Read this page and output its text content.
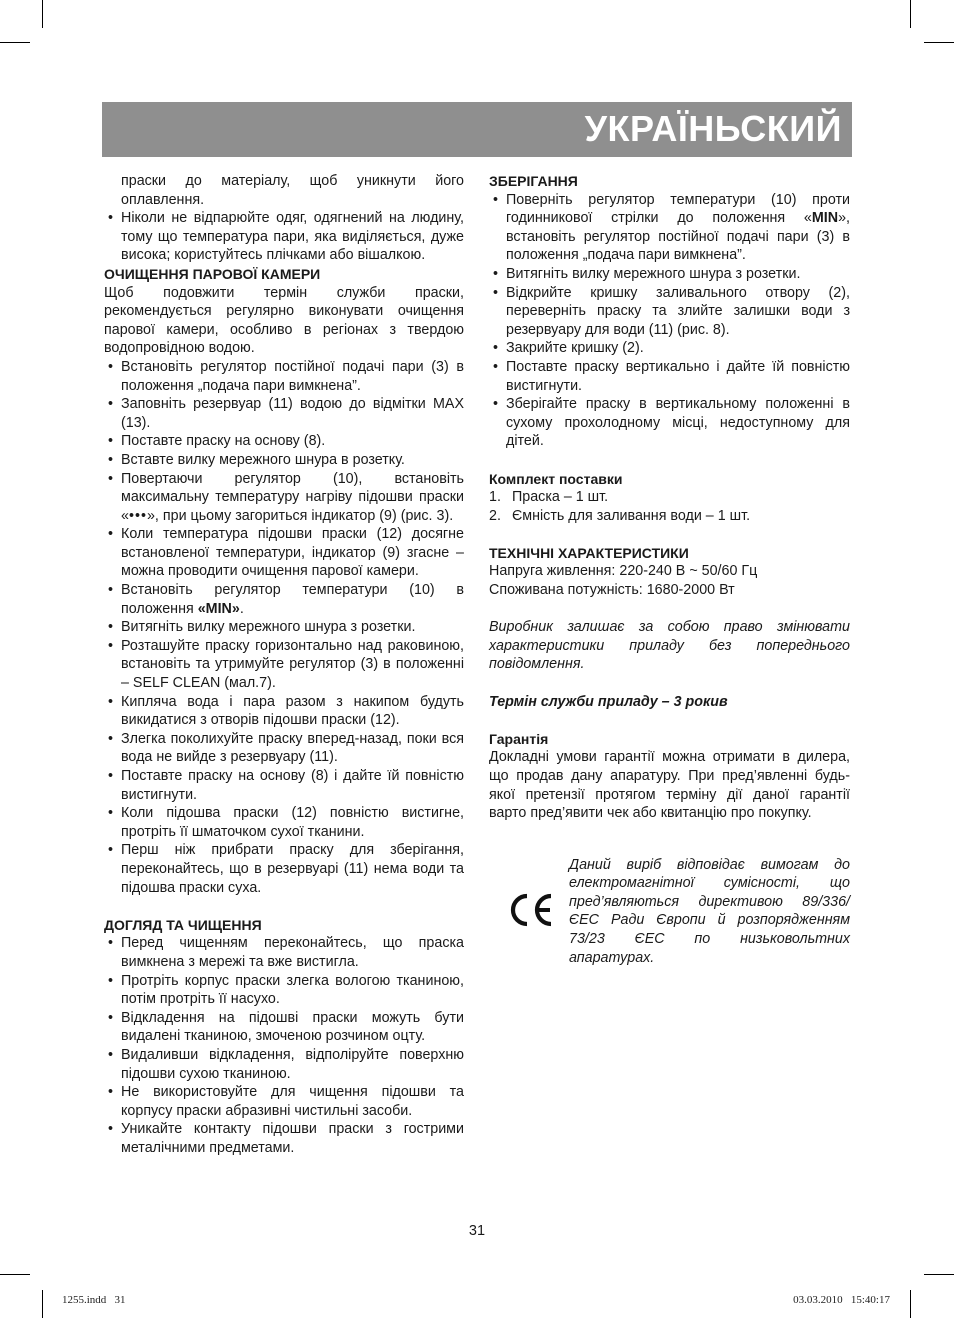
УКРАЇНЬСКИЙ

праски до матеріалу, щоб уникнути його оплавлення.

• Ніколи не відпарюйте одяг, одягнений на людину, тому що температура пари, яка виділяється, дуже висока; користуйтесь плічками або вішалкою.

ОЧИЩЕННЯ ПАРОВОЇ КАМЕРИ

Щоб подовжити термін служби праски, рекомендується регулярно виконувати очищення парової камери, особливо в регіонах з твердою водопровідною водою.

• Встановіть регулятор постійної подачі пари (3) в положення „подача пари вимкнена”.
• Заповніть резервуар (11) водою до відмітки MAX (13).
• Поставте праску на основу (8).
• Вставте вилку мережного шнура в розетку.
• Повертаючи регулятор (10), встановіть максимальну температуру нагріву підошви праски «•••», при цьому загориться індикатор (9) (рис. 3).
• Коли температура підошви праски (12) досягне встановленої температури, індикатор (9) згасне – можна проводити очищення парової камери.
• Встановіть регулятор температури (10) в положення «MIN».
• Витягніть вилку мережного шнура з розетки.
• Розташуйте праску горизонтально над раковиною, встановіть та утримуйте регулятор (3) в положенні – SELF CLEAN (мал.7).
• Кипляча вода і пара разом з накипом будуть викидатися з отворів підошви праски (12).
• Злегка поколихуйте праску вперед-назад, поки вся вода не вийде з резервуару (11).
• Поставте праску на основу (8) і дайте їй повністю вистигнути.
• Коли підошва праски (12) повністю вистигне, протріть її шматочком сухої тканини.
• Перш ніж прибрати праску для зберігання, переконайтесь, що в резервуарі (11) нема води та підошва праски суха.

ДОГЛЯД ТА ЧИЩЕННЯ

• Перед чищенням переконайтесь, що праска вимкнена з мережі та вже вистигла.
• Протріть корпус праски злегка вологою тканиною, потім протріть її насухо.
• Відкладення на підошві праски можуть бути видалені тканиною, змоченою розчином оцту.
• Видаливши відкладення, відполіруйте поверхню підошви сухою тканиною.
• Не використовуйте для чищення підошви та корпусу праски абразивні чистильні засоби.
• Уникайте контакту підошви праски з гострими металічними предметами.

ЗБЕРІГАННЯ

• Поверніть регулятор температури (10) проти годинникової стрілки до положення «MIN», встановіть регулятор постійної подачі пари (3) в положення „подача пари вимкнена”.
• Витягніть вилку мережного шнура з розетки.
• Відкрийте кришку заливального отвору (2), переверніть праску та злийте залишки води з резервуару для води (11) (рис. 8).
• Закрийте кришку (2).
• Поставте праску вертикально і дайте їй повністю вистигнути.
• Зберігайте праску в вертикальному положенні в сухому прохолодному місці, недоступному для дітей.

Комплект поставки

1. Праска – 1 шт.
2. Ємність для заливання води – 1 шт.

ТЕХНІЧНІ ХАРАКТЕРИСТИКИ

Напруга живлення: 220-240 В ~ 50/60 Гц

Споживана потужність: 1680-2000 Вт

Виробник залишає за собою право змінювати характеристики приладу без попереднього повідомлення.

Термін служби приладу – 3 рокив

Гарантія

Докладні умови гарантії можна отримати в дилера, що продав дану апаратуру. При пред’явленні будь-якої претензії протягом терміну дії даної гарантії варто пред’явити чек або квитанцію про покупку.

Даний виріб відповідає вимогам до електромагнітної сумісності, що пред’являються директивою 89/336/ ЄЕС Ради Європи й розпорядженням 73/23 ЄЕС по низьковольтних апаратурах.

31
1255.indd   31	03.03.2010   15:40:17
